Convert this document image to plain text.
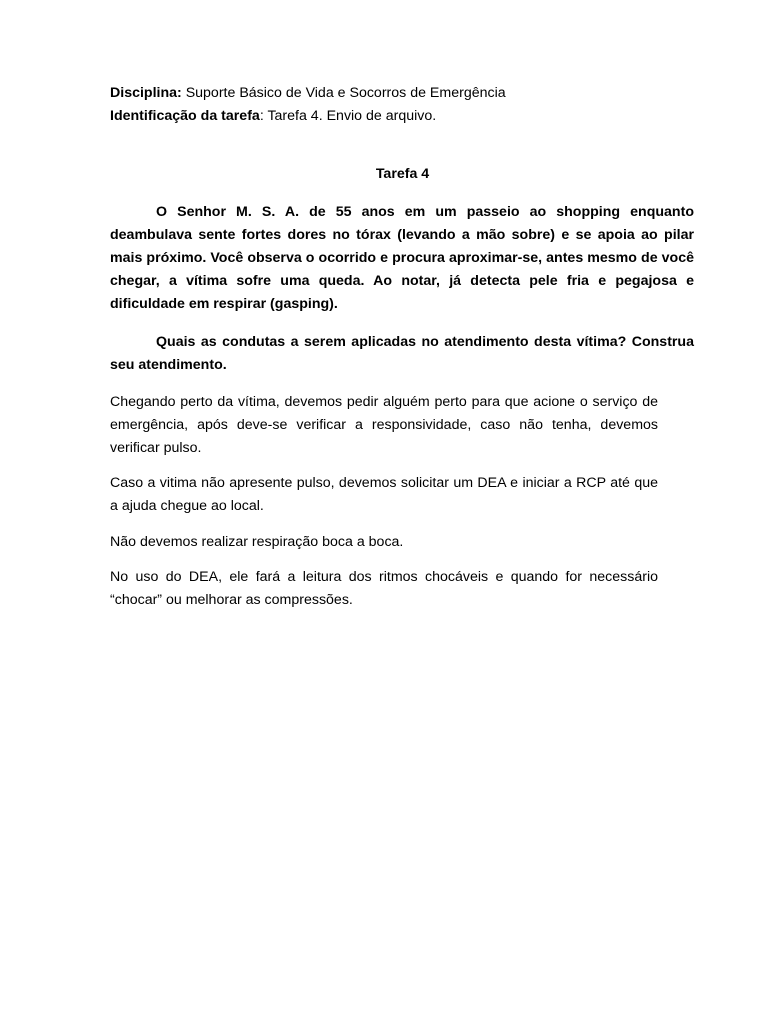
Disciplina: Suporte Básico de Vida e Socorros de Emergência
Identificação da tarefa: Tarefa 4. Envio de arquivo.
Tarefa 4
O Senhor M. S. A. de 55 anos em um passeio ao shopping enquanto deambulava sente fortes dores no tórax (levando a mão sobre) e se apoia ao pilar mais próximo. Você observa o ocorrido e procura aproximar-se, antes mesmo de você chegar, a vítima sofre uma queda. Ao notar, já detecta pele fria e pegajosa e dificuldade em respirar (gasping).
Quais as condutas a serem aplicadas no atendimento desta vítima? Construa seu atendimento.
Chegando perto da vítima, devemos pedir alguém perto para que acione o serviço de emergência, após deve-se verificar a responsividade, caso não tenha, devemos verificar pulso.
Caso a vitima não apresente pulso, devemos solicitar um DEA e iniciar a RCP até que a ajuda chegue ao local.
Não devemos realizar respiração boca a boca.
No uso do DEA, ele fará a leitura dos ritmos chocáveis e quando for necessário “chocar” ou melhorar as compressões.
